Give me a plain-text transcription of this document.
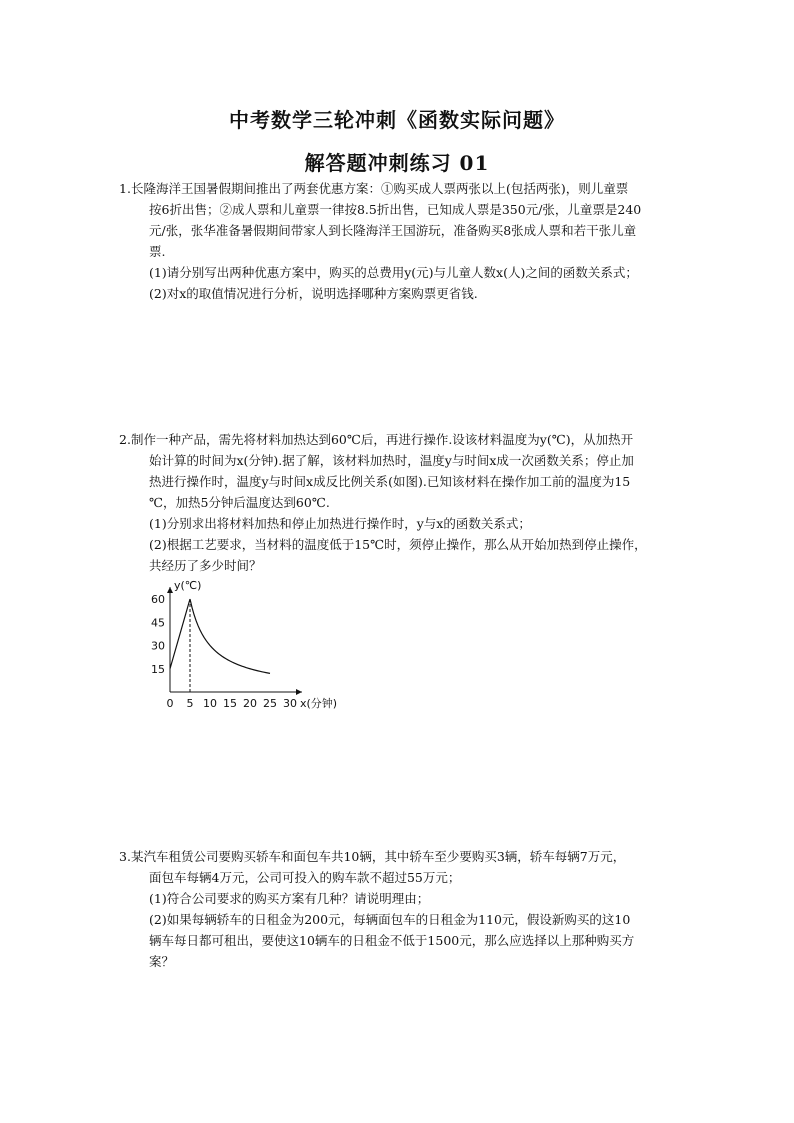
中考数学三轮冲刺《函数实际问题》
解答题冲刺练习 01
1.长隆海洋王国暑假期间推出了两套优惠方案：①购买成人票两张以上(包括两张)，则儿童票
按6折出售；②成人票和儿童票一律按8.5折出售，已知成人票是350元/张，儿童票是240
元/张，张华准备暑假期间带家人到长隆海洋王国游玩，准备购买8张成人票和若干张儿童
票.
(1)请分别写出两种优惠方案中，购买的总费用y(元)与儿童人数x(人)之间的函数关系式；
(2)对x的取值情况进行分析，说明选择哪种方案购票更省钱.
2.制作一种产品，需先将材料加热达到60℃后，再进行操作.设该材料温度为y(℃)，从加热开
始计算的时间为x(分钟).据了解，该材料加热时，温度y与时间x成一次函数关系；停止加
热进行操作时，温度y与时间x成反比例关系(如图).已知该材料在操作加工前的温度为15
℃，加热5分钟后温度达到60℃.
(1)分别求出将材料加热和停止加热进行操作时，y与x的函数关系式；
(2)根据工艺要求，当材料的温度低于15℃时，须停止操作，那么从开始加热到停止操作，
共经历了多少时间？
0 5 10 15 20 25 30
15
30
45
60
x(分钟)
y(℃)
3.某汽车租赁公司要购买轿车和面包车共10辆，其中轿车至少要购买3辆，轿车每辆7万元，
面包车每辆4万元，公司可投入的购车款不超过55万元；
(1)符合公司要求的购买方案有几种？请说明理由；
(2)如果每辆轿车的日租金为200元，每辆面包车的日租金为110元，假设新购买的这10
辆车每日都可租出，要使这10辆车的日租金不低于1500元，那么应选择以上那种购买方
案？
